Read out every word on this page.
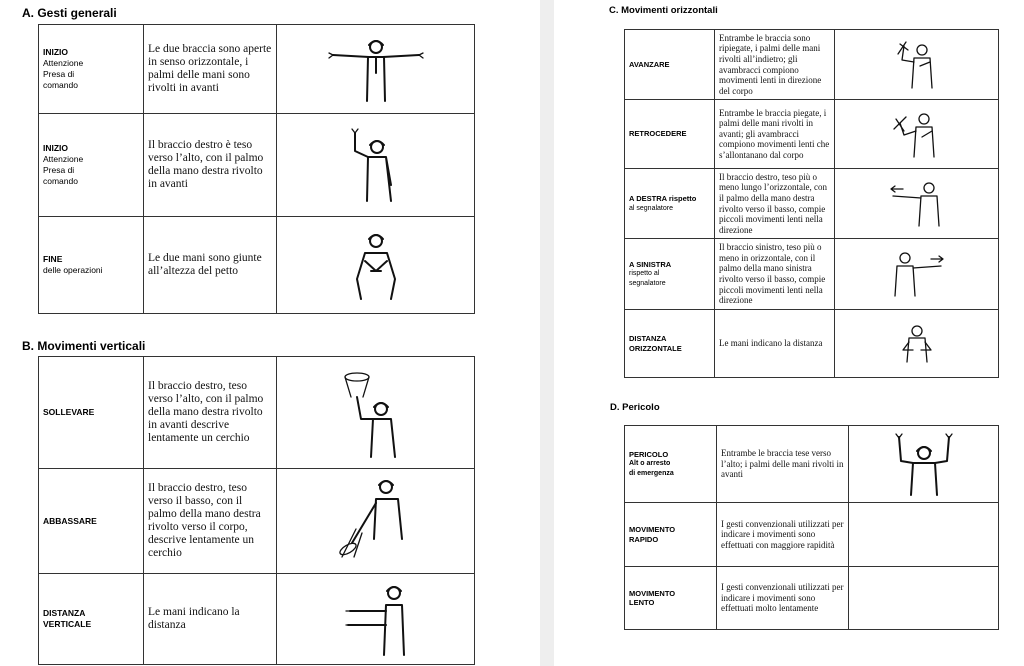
A. Gesti generali
INIZIO
Attenzione
Presa di
comando	Le due braccia sono aperte in senso orizzontale, i palmi delle mani sono rivolti in avanti	

INIZIO
Attenzione
Presa di
comando	Il braccio destro è teso verso l’alto, con il palmo della mano destra rivolto in avanti	

FINE
delle operazioni	Le due mani sono giunte all’altezza del petto	
B. Movimenti verticali
SOLLEVARE	Il braccio destro, teso verso l’alto, con il palmo della mano destra rivolto in avanti descrive lentamente un cerchio	

ABBASSARE	Il braccio destro, teso verso il basso, con il palmo della mano destra rivolto verso il corpo, descrive lentamente un cerchio	

DISTANZA
VERTICALE	Le mani indicano la distanza	
C. Movimenti orizzontali
AVANZARE	Entrambe le braccia sono ripiegate, i palmi delle mani rivolti all’indietro; gli avambracci compiono movimenti lenti in direzione del corpo	

RETROCEDERE	Entrambe le braccia piegate, i palmi delle mani rivolti in avanti; gli avambracci compiono movimenti lenti che s’allontanano dal corpo	

A DESTRA rispetto
al segnalatore	Il braccio destro, teso più o meno lungo l’orizzontale, con il palmo della mano destra rivolto verso il basso, compie piccoli movimenti lenti nella direzione	

A SINISTRA
rispetto al
segnalatore	Il braccio sinistro, teso più o meno in orizzontale, con il palmo della mano sinistra rivolto verso il basso, compie piccoli movimenti lenti nella direzione	

DISTANZA
ORIZZONTALE	Le mani indicano la distanza	
D. Pericolo
PERICOLO
Alt o arresto
di emergenza	Entrambe le braccia tese verso l’alto; i palmi delle mani rivolti in avanti	

MOVIMENTO
RAPIDO	I gesti convenzionali utilizzati per indicare i movimenti sono effettuati con maggiore rapidità	

MOVIMENTO
LENTO	I gesti convenzionali utilizzati per indicare i movimenti sono effettuati molto lentamente	
